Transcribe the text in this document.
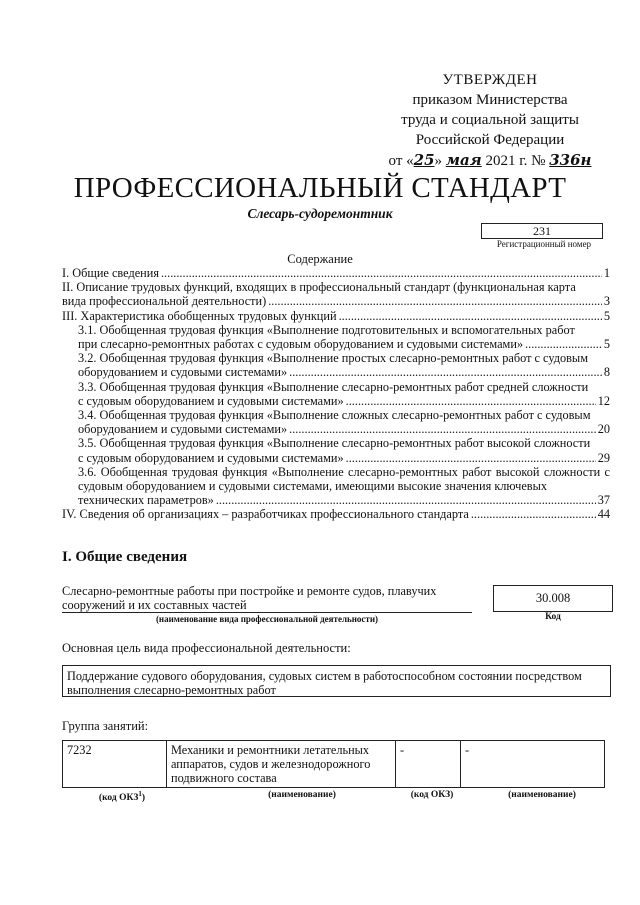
УТВЕРЖДЕН
приказом Министерства
труда и социальной защиты
Российской Федерации
от «25» мая 2021 г. № 336н
ПРОФЕССИОНАЛЬНЫЙ СТАНДАРТ
Слесарь-судоремонтник
231
Регистрационный номер
Содержание
I. Общие сведения .....	1
II. Описание трудовых функций, входящих в профессиональный стандарт (функциональная карта
вида профессиональной деятельности) .....	3
III. Характеристика обобщенных трудовых функций .....	5
3.1. Обобщенная трудовая функция «Выполнение подготовительных и вспомогательных работ
при слесарно-ремонтных работах с судовым оборудованием и судовыми системами» .....	5
3.2. Обобщенная трудовая функция «Выполнение простых слесарно-ремонтных работ с судовым
оборудованием и судовыми системами» .....	8
3.3. Обобщенная трудовая функция «Выполнение слесарно-ремонтных работ средней сложности
с судовым оборудованием и судовыми системами» .....	12
3.4. Обобщенная трудовая функция «Выполнение сложных слесарно-ремонтных работ с судовым
оборудованием и судовыми системами» .....	20
3.5. Обобщенная трудовая функция «Выполнение слесарно-ремонтных работ высокой сложности
с судовым оборудованием и судовыми системами» .....	29
3.6. Обобщенная трудовая функция «Выполнение слесарно-ремонтных работ высокой сложности с судовым оборудованием и судовыми системами, имеющими высокие значения ключевых
технических параметров» .....	37
IV. Сведения об организациях – разработчиках профессионального стандарта .....	44
I. Общие сведения
Слесарно-ремонтные работы при постройке и ремонте судов, плавучих сооружений и их составных частей
(наименование вида профессиональной деятельности)
30.008
Код
Основная цель вида профессиональной деятельности:
Поддержание судового оборудования, судовых систем в работоспособном состоянии посредством выполнения слесарно-ремонтных работ
Группа занятий:
7232	Механики и ремонтники летательных аппаратов, судов и железнодорожного подвижного состава	-	-
(код ОКЗ$^1$)	(наименование)	(код ОКЗ)	(наименование)
